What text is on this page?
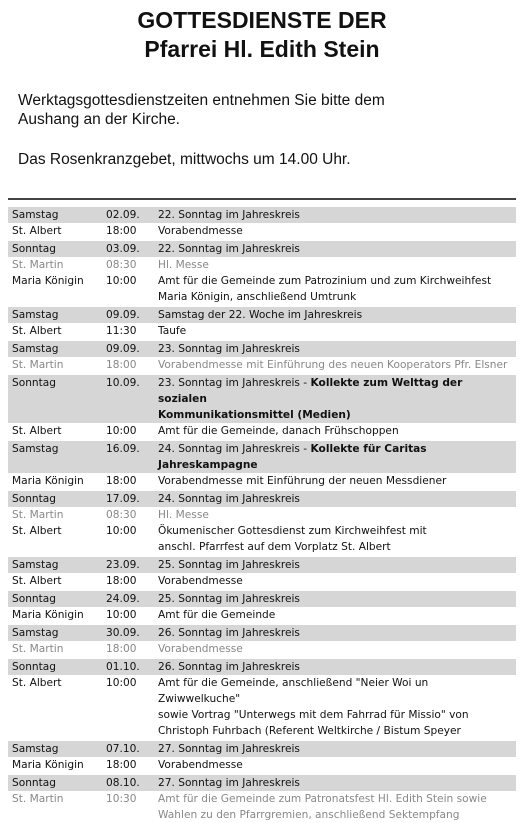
GOTTESDIENSTE DER
Pfarrei Hl. Edith Stein

Werktagsgottesdienstzeiten entnehmen Sie bitte dem
Aushang an der Kirche.

Das Rosenkranzgebet, mittwochs um 14.00 Uhr.

Samstag	02.09.	22. Sonntag im Jahreskreis
St. Albert	18:00	Vorabendmesse
Sonntag	03.09.	22. Sonntag im Jahreskreis
St. Martin	08:30	Hl. Messe
Maria Königin	10:00	Amt für die Gemeinde zum Patrozinium und zum Kirchweihfest
Maria Königin, anschließend Umtrunk
Samstag	09.09.	Samstag der 22. Woche im Jahreskreis
St. Albert	11:30	Taufe
Samstag	09.09.	23. Sonntag im Jahreskreis
St. Martin	18:00	Vorabendmesse mit Einführung des neuen Kooperators Pfr. Elsner
Sonntag	10.09.	23. Sonntag im Jahreskreis - Kollekte zum Welttag der sozialen
Kommunikationsmittel (Medien)
St. Albert	10:00	Amt für die Gemeinde, danach Frühschoppen
Samstag	16.09.	24. Sonntag im Jahreskreis - Kollekte für Caritas Jahreskampagne
Maria Königin	18:00	Vorabendmesse mit Einführung der neuen Messdiener
Sonntag	17.09.	24. Sonntag im Jahreskreis
St. Martin	08:30	Hl. Messe
St. Albert	10:00	Ökumenischer Gottesdienst zum Kirchweihfest mit
anschl. Pfarrfest auf dem Vorplatz St. Albert
Samstag	23.09.	25. Sonntag im Jahreskreis
St. Albert	18:00	Vorabendmesse
Sonntag	24.09.	25. Sonntag im Jahreskreis
Maria Königin	10:00	Amt für die Gemeinde
Samstag	30.09.	26. Sonntag im Jahreskreis
St. Martin	18:00	Vorabendmesse
Sonntag	01.10.	26. Sonntag im Jahreskreis
St. Albert	10:00	Amt für die Gemeinde, anschließend "Neier Woi un Zwiwwelkuche"
sowie Vortrag "Unterwegs mit dem Fahrrad für Missio" von
Christoph Fuhrbach (Referent Weltkirche / Bistum Speyer
Samstag	07.10.	27. Sonntag im Jahreskreis
Maria Königin	18:00	Vorabendmesse
Sonntag	08.10.	27. Sonntag im Jahreskreis
St. Martin	10:30	Amt für die Gemeinde zum Patronatsfest Hl. Edith Stein sowie
Wahlen zu den Pfarrgremien, anschließend Sektempfang
